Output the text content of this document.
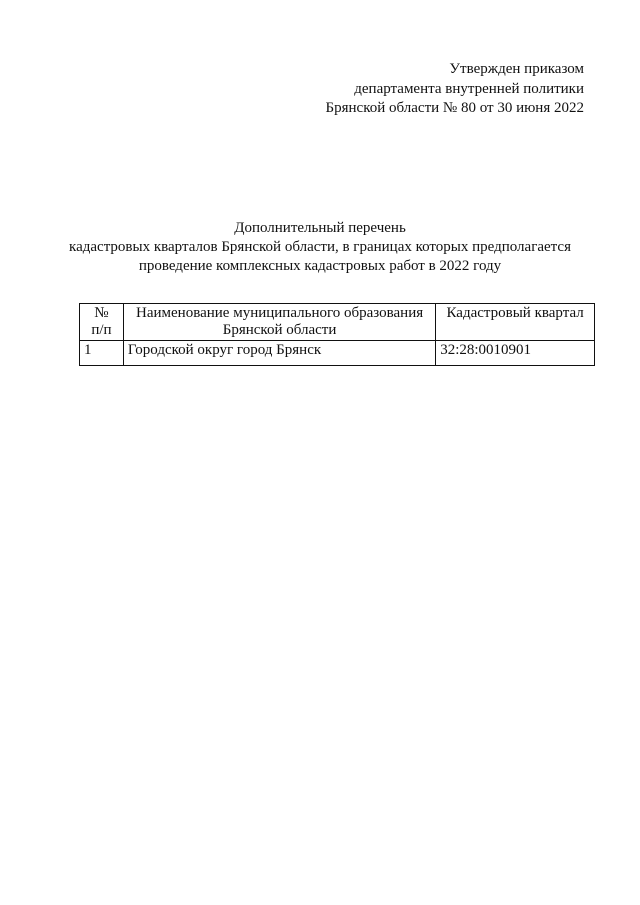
Утвержден приказом
департамента внутренней политики
Брянской области № 80 от 30 июня 2022
Дополнительный перечень
кадастровых кварталов Брянской области, в границах которых предполагается
проведение комплексных кадастровых работ в 2022 году
№
п/п	Наименование муниципального образования Брянской области	Кадастровый квартал
1	Городской округ город Брянск	32:28:0010901
